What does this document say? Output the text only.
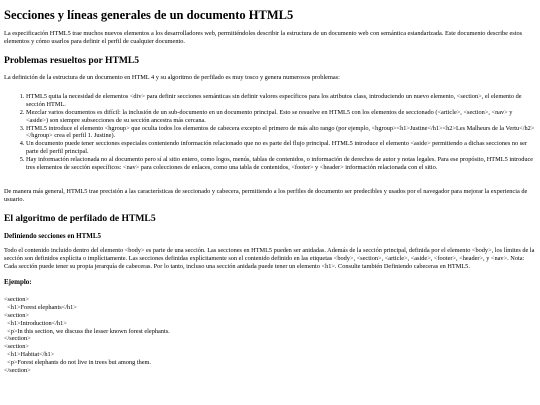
Secciones y líneas generales de un documento HTML5

La especificación HTML5 trae muchos nuevos elementos a los desarrolladores web, permitiéndoles describir la estructura de un documento web con semántica estandarizada. Este documento describe estos elementos y cómo usarlos para definir el perfil de cualquier documento.

Problemas resueltos por HTML5

La definición de la estructura de un documento en HTML 4 y su algoritmo de perfilado es muy tosco y genera numerosos problemas:

1. HTML5 quita la necesidad de elementos <div> para definir secciones semánticas sin definir valores específicos para los atributos class, introduciendo un nuevo elemento, <section>, el elemento de sección HTML.
2. Mezclar varios documentos es difícil: la inclusión de un sub-documento en un documento principal. Esto se resuelve en HTML5 con los elementos de seccionado (<article>, <section>, <nav> y <aside>) son siempre subsecciones de su sección ancestra más cercana.
3. HTML5 introduce el elemento <hgroup> que oculta todos los elementos de cabecera excepto el primero de más alto rango (por ejemplo, <hgroup><h1>Justine</h1><h2>Les Malheurs de la Vertu</h2></hgroup> crea el perfil 1. Justine).
4. Un documento puede tener secciones especiales conteniendo información relacionado que no es parte del flujo principal. HTML5 introduce el elemento <aside> permitiendo a dichas secciones no ser parte del perfil principal.
5. Hay información relacionada no al documento pero sí al sitio entero, como logos, menús, tablas de contenidos, o información de derechos de autor y notas legales. Para ese propósito, HTML5 introduce tres elementos de sección específicos: <nav> para colecciones de enlaces, como una tabla de contenidos, <footer> y <header> información relacionada con el sitio.

De manera más general, HTML5 trae precisión a las características de seccionado y cabecera, permitiendo a los perfiles de documento ser predecibles y usados por el navegador para mejorar la experiencia de usuario.

El algoritmo de perfilado de HTML5
Definiendo secciones en HTML5

Todo el contenido incluido dentro del elemento <body> es parte de una sección. Las secciones en HTML5 pueden ser anidadas. Además de la sección principal, definida por el elemento <body>, los límites de la sección son definidos explícita o implícitamente. Las secciones definidas explícitamente son el contenido definido en las etiquetas <body>, <section>, <article>, <aside>, <footer>, <header>, y <nav>. Nota: Cada sección puede tener su propia jerarquía de cabeceras. Por lo tanto, incluso una sección anidada puede tener un elemento <h1>. Consulte también Definiendo cabeceras en HTML5.

Ejemplo:
<section>
<h1>Forest elephants</h1>
<section>
<h1>Introduction</h1>
<p>In this section, we discuss the lesser known forest elephants.
</section>
<section>
<h1>Habitat</h1>
<p>Forest elephants do not live in trees but among them.
</section>
